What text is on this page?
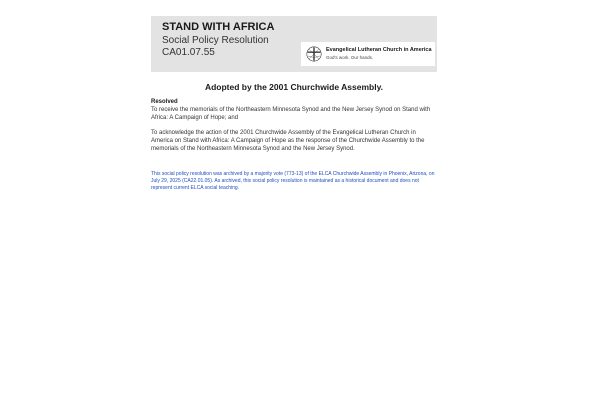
STAND WITH AFRICA
Social Policy Resolution
CA01.07.55	Evangelical Lutheran Church in America
God's work. Our hands.
Adopted by the 2001 Churchwide Assembly.
Resolved

To receive the memorials of the Northeastern Minnesota Synod and the New Jersey Synod on Stand with Africa: A Campaign of Hope; and

To acknowledge the action of the 2001 Churchwide Assembly of the Evangelical Lutheran Church in America on Stand with Africa: A Campaign of Hope as the response of the Churchwide Assembly to the memorials of the Northeastern Minnesota Synod and the New Jersey Synod.

This social policy resolution was archived by a majority vote (773-13) of the ELCA Churchwide Assembly in Phoenix, Arizona, on July 29, 2025 (CA22.01.05). As archived, this social policy resolution is maintained as a historical document and does not represent current ELCA social teaching.
